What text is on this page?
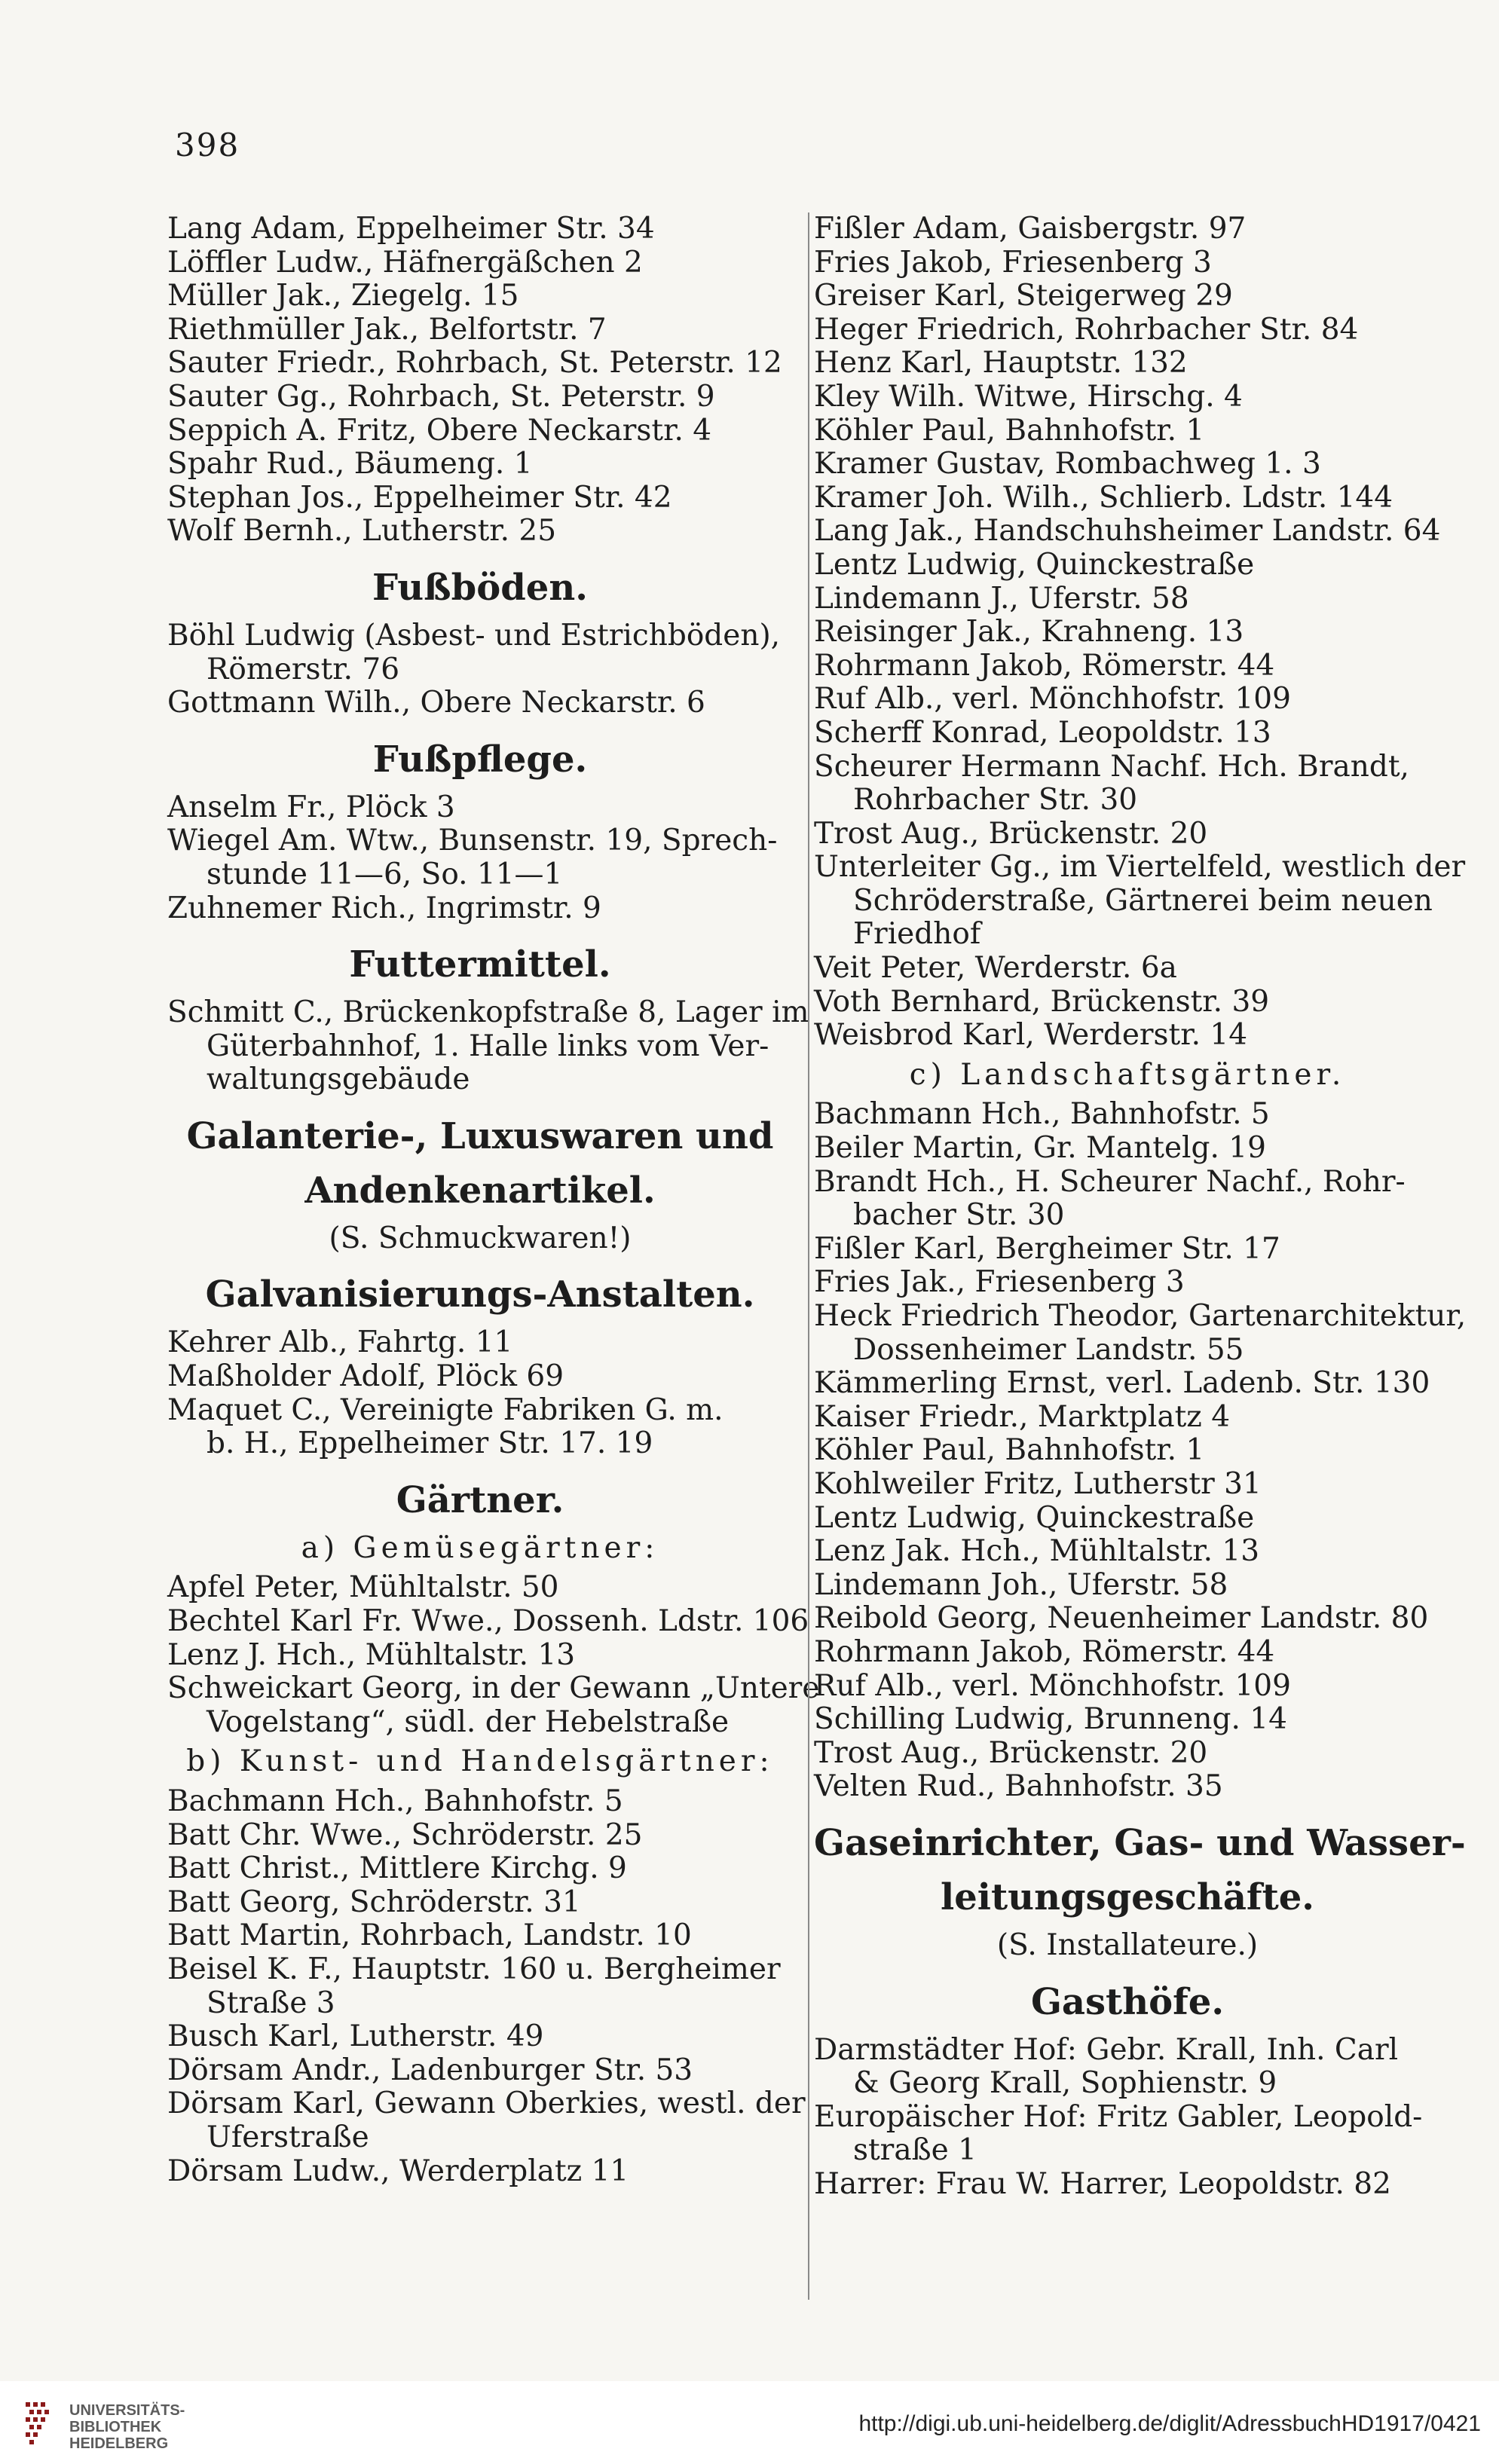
398
Lang Adam, Eppelheimer Str. 34
Löffler Ludw., Häfnergäßchen 2
Müller Jak., Ziegelg. 15
Riethmüller Jak., Belfortstr. 7
Sauter Friedr., Rohrbach, St. Peterstr. 12
Sauter Gg., Rohrbach, St. Peterstr. 9
Seppich A. Fritz, Obere Neckarstr. 4
Spahr Rud., Bäumeng. 1
Stephan Jos., Eppelheimer Str. 42
Wolf Bernh., Lutherstr. 25
Fußböden.
Böhl Ludwig (Asbest- und Estrichböden),
Römerstr. 76
Gottmann Wilh., Obere Neckarstr. 6
Fußpflege.
Anselm Fr., Plöck 3
Wiegel Am. Wtw., Bunsenstr. 19, Sprech-
stunde 11—6, So. 11—1
Zuhnemer Rich., Ingrimstr. 9
Futtermittel.
Schmitt C., Brückenkopfstraße 8, Lager im
Güterbahnhof, 1. Halle links vom Ver-
waltungsgebäude
Galanterie-, Luxuswaren und
Andenkenartikel.
(S. Schmuckwaren!)
Galvanisierungs-Anstalten.
Kehrer Alb., Fahrtg. 11
Maßholder Adolf, Plöck 69
Maquet C., Vereinigte Fabriken G. m.
b. H., Eppelheimer Str. 17. 19
Gärtner.
a) Gemüsegärtner:
Apfel Peter, Mühltalstr. 50
Bechtel Karl Fr. Wwe., Dossenh. Ldstr. 106
Lenz J. Hch., Mühltalstr. 13
Schweickart Georg, in der Gewann „Untere
Vogelstang“, südl. der Hebelstraße
b) Kunst- und Handelsgärtner:
Bachmann Hch., Bahnhofstr. 5
Batt Chr. Wwe., Schröderstr. 25
Batt Christ., Mittlere Kirchg. 9
Batt Georg, Schröderstr. 31
Batt Martin, Rohrbach, Landstr. 10
Beisel K. F., Hauptstr. 160 u. Bergheimer
Straße 3
Busch Karl, Lutherstr. 49
Dörsam Andr., Ladenburger Str. 53
Dörsam Karl, Gewann Oberkies, westl. der
Uferstraße
Dörsam Ludw., Werderplatz 11
Fißler Adam, Gaisbergstr. 97
Fries Jakob, Friesenberg 3
Greiser Karl, Steigerweg 29
Heger Friedrich, Rohrbacher Str. 84
Henz Karl, Hauptstr. 132
Kley Wilh. Witwe, Hirschg. 4
Köhler Paul, Bahnhofstr. 1
Kramer Gustav, Rombachweg 1. 3
Kramer Joh. Wilh., Schlierb. Ldstr. 144
Lang Jak., Handschuhsheimer Landstr. 64
Lentz Ludwig, Quinckestraße
Lindemann J., Uferstr. 58
Reisinger Jak., Krahneng. 13
Rohrmann Jakob, Römerstr. 44
Ruf Alb., verl. Mönchhofstr. 109
Scherff Konrad, Leopoldstr. 13
Scheurer Hermann Nachf. Hch. Brandt,
Rohrbacher Str. 30
Trost Aug., Brückenstr. 20
Unterleiter Gg., im Viertelfeld, westlich der
Schröderstraße, Gärtnerei beim neuen
Friedhof
Veit Peter, Werderstr. 6a
Voth Bernhard, Brückenstr. 39
Weisbrod Karl, Werderstr. 14
c) Landschaftsgärtner.
Bachmann Hch., Bahnhofstr. 5
Beiler Martin, Gr. Mantelg. 19
Brandt Hch., H. Scheurer Nachf., Rohr-
bacher Str. 30
Fißler Karl, Bergheimer Str. 17
Fries Jak., Friesenberg 3
Heck Friedrich Theodor, Gartenarchitektur,
Dossenheimer Landstr. 55
Kämmerling Ernst, verl. Ladenb. Str. 130
Kaiser Friedr., Marktplatz 4
Köhler Paul, Bahnhofstr. 1
Kohlweiler Fritz, Lutherstr 31
Lentz Ludwig, Quinckestraße
Lenz Jak. Hch., Mühltalstr. 13
Lindemann Joh., Uferstr. 58
Reibold Georg, Neuenheimer Landstr. 80
Rohrmann Jakob, Römerstr. 44
Ruf Alb., verl. Mönchhofstr. 109
Schilling Ludwig, Brunneng. 14
Trost Aug., Brückenstr. 20
Velten Rud., Bahnhofstr. 35
Gaseinrichter, Gas- und Wasser-
leitungsgeschäfte.
(S. Installateure.)
Gasthöfe.
Darmstädter Hof: Gebr. Krall, Inh. Carl
& Georg Krall, Sophienstr. 9
Europäischer Hof: Fritz Gabler, Leopold-
straße 1
Harrer: Frau W. Harrer, Leopoldstr. 82
UNIVERSITÄTS-
BIBLIOTHEK
HEIDELBERG
http://digi.ub.uni-heidelberg.de/diglit/AdressbuchHD1917/0421
